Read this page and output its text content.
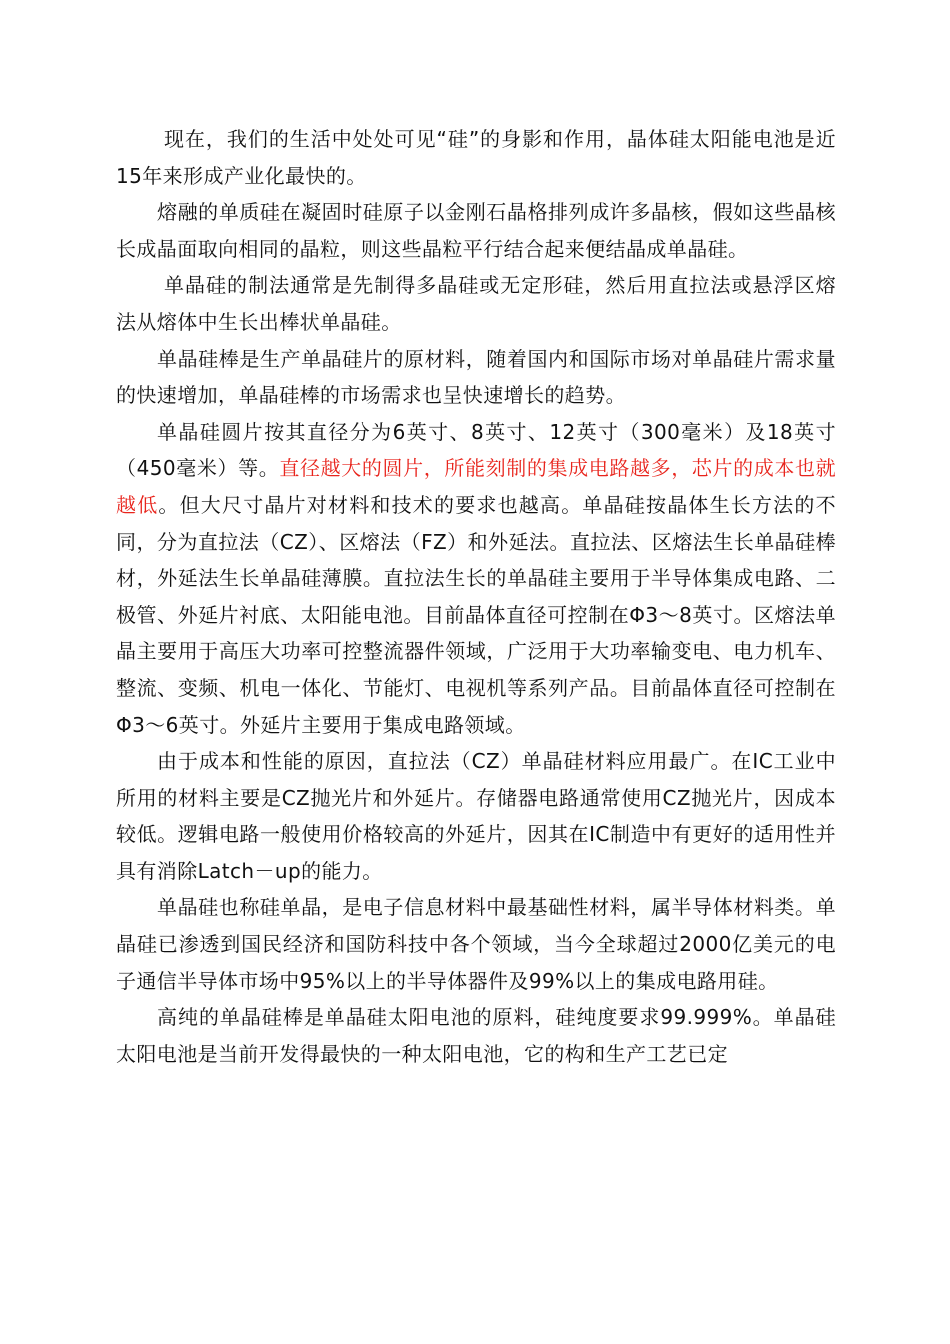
现在，我们的生活中处处可见“硅”的身影和作用，晶体硅太阳能电池是近15年来形成产业化最快的。

熔融的单质硅在凝固时硅原子以金刚石晶格排列成许多晶核，假如这些晶核长成晶面取向相同的晶粒，则这些晶粒平行结合起来便结晶成单晶硅。

单晶硅的制法通常是先制得多晶硅或无定形硅，然后用直拉法或悬浮区熔法从熔体中生长出棒状单晶硅。

单晶硅棒是生产单晶硅片的原材料，随着国内和国际市场对单晶硅片需求量的快速增加，单晶硅棒的市场需求也呈快速增长的趋势。

单晶硅圆片按其直径分为6英寸、8英寸、12英寸（300毫米）及18英寸（450毫米）等。直径越大的圆片，所能刻制的集成电路越多，芯片的成本也就越低。但大尺寸晶片对材料和技术的要求也越高。单晶硅按晶体生长方法的不同，分为直拉法（CZ）、区熔法（FZ）和外延法。直拉法、区熔法生长单晶硅棒材，外延法生长单晶硅薄膜。直拉法生长的单晶硅主要用于半导体集成电路、二极管、外延片衬底、太阳能电池。目前晶体直径可控制在Φ3～8英寸。区熔法单晶主要用于高压大功率可控整流器件领域，广泛用于大功率输变电、电力机车、整流、变频、机电一体化、节能灯、电视机等系列产品。目前晶体直径可控制在Φ3～6英寸。外延片主要用于集成电路领域。

由于成本和性能的原因，直拉法（CZ）单晶硅材料应用最广。在IC工业中所用的材料主要是CZ抛光片和外延片。存储器电路通常使用CZ抛光片，因成本较低。逻辑电路一般使用价格较高的外延片，因其在IC制造中有更好的适用性并具有消除Latch－up的能力。

单晶硅也称硅单晶，是电子信息材料中最基础性材料，属半导体材料类。单晶硅已渗透到国民经济和国防科技中各个领域，当今全球超过2000亿美元的电子通信半导体市场中95%以上的半导体器件及99%以上的集成电路用硅。

高纯的单晶硅棒是单晶硅太阳电池的原料，硅纯度要求99.999%。单晶硅太阳电池是当前开发得最快的一种太阳电池，它的构和生产工艺已定
